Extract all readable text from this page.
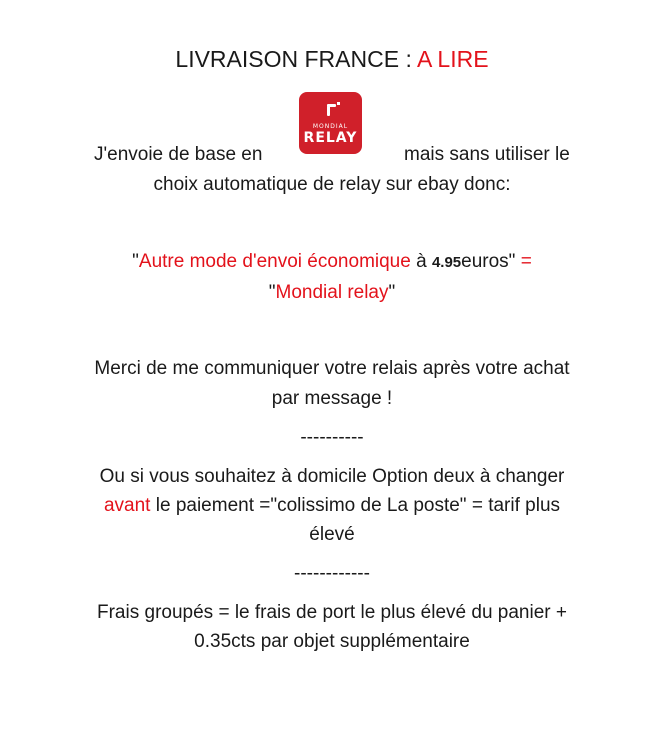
LIVRAISON FRANCE : A LIRE
J'envoie de base en
MONDIAL
RELAY
mais sans utiliser le
choix automatique de relay sur ebay donc:
"Autre mode d'envoi économique à 4.95euros" =
"Mondial relay"
Merci de me communiquer votre relais après votre achat
par message !
----------
Ou si vous souhaitez à domicile Option deux à changer
avant le paiement ="colissimo de La poste" = tarif plus
élevé
------------
Frais groupés = le frais de port le plus élevé du panier +
0.35cts par objet supplémentaire
